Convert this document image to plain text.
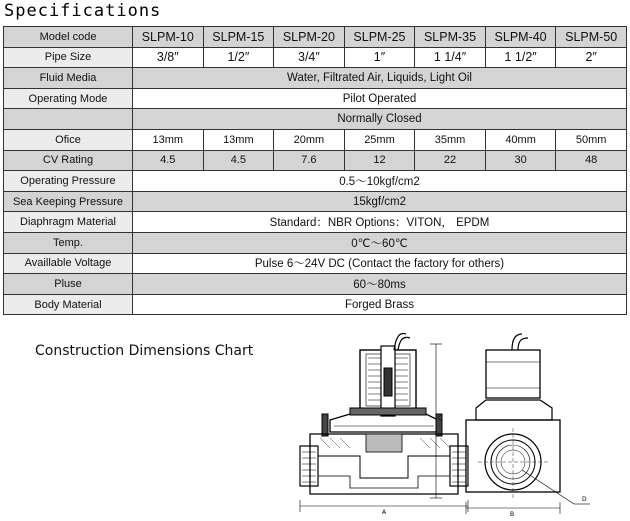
Specifications
Model code	SLPM-10	SLPM-15	SLPM-20	SLPM-25	SLPM-35	SLPM-40	SLPM-50
Pipe Size	3/8″	1/2″	3/4″	1″	1 1/4″	1 1/2″	2″
Fluid Media	Water, Filtrated Air, Liquids, Light Oil						
Operating Mode	Pilot Operated						
	Normally Closed						
Ofice	13mm	13mm	20mm	25mm	35mm	40mm	50mm
CV Rating	4.5	4.5	7.6	12	22	30	48
Operating Pressure	0.5～10kgf/cm2						
Sea Keeping Pressure	15kgf/cm2						
Diaphragm Material	Standard：NBR Options：VITON， EPDM						
Temp.	0℃～60℃						
Availlable Voltage	Pulse 6～24V DC (Contact the factory for others)						
Pluse	60～80ms						
Body Material	Forged Brass						
Construction Dimensions Chart
C
A	B
D
